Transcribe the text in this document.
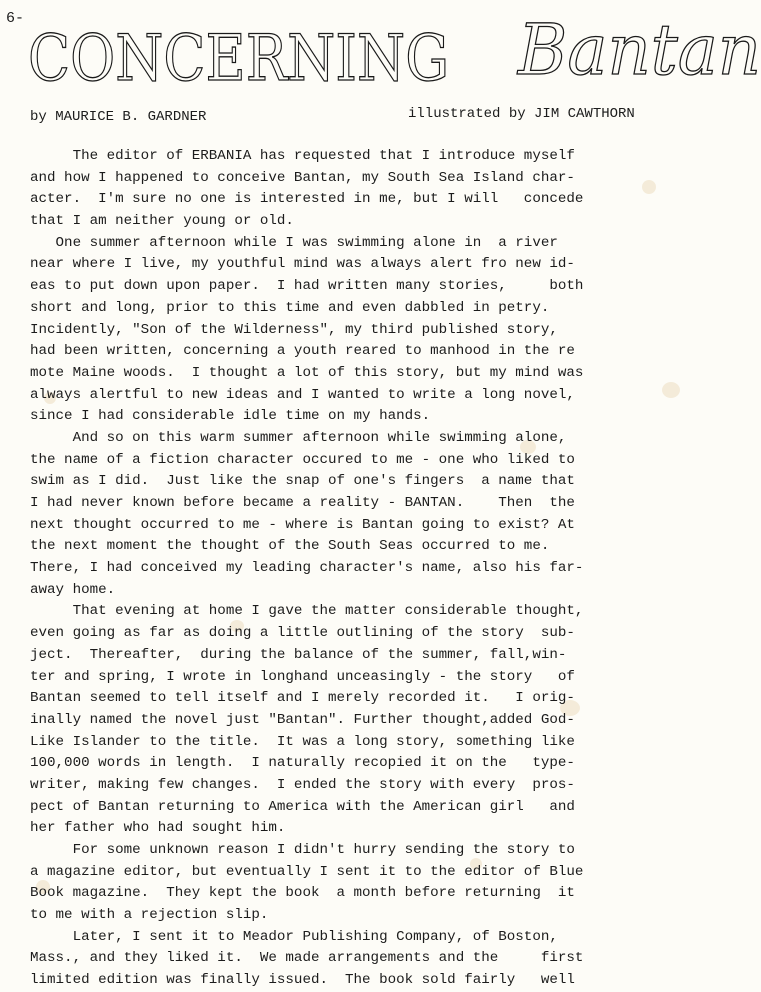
6-
CONCERNING Bantan
by MAURICE B. GARDNER	illustrated by JIM CAWTHORN
The editor of ERBANIA has requested that I introduce myself
and how I happened to conceive Bantan, my South Sea Island char-
acter.  I'm sure no one is interested in me, but I will   concede
that I am neither young or old.
One summer afternoon while I was swimming alone in  a river
near where I live, my youthful mind was always alert fro new id-
eas to put down upon paper.  I had written many stories,     both
short and long, prior to this time and even dabbled in petry.
Incidently, "Son of the Wilderness", my third published story,
had been written, concerning a youth reared to manhood in the re
mote Maine woods.  I thought a lot of this story, but my mind was
always alertful to new ideas and I wanted to write a long novel,
since I had considerable idle time on my hands.
And so on this warm summer afternoon while swimming alone,
the name of a fiction character occured to me - one who liked to
swim as I did.  Just like the snap of one's fingers  a name that
I had never known before became a reality - BANTAN.    Then  the
next thought occurred to me - where is Bantan going to exist? At
the next moment the thought of the South Seas occurred to me.
There, I had conceived my leading character's name, also his far-
away home.
That evening at home I gave the matter considerable thought,
even going as far as doing a little outlining of the story  sub-
ject.  Thereafter,  during the balance of the summer, fall,win-
ter and spring, I wrote in longhand unceasingly - the story   of
Bantan seemed to tell itself and I merely recorded it.   I orig-
inally named the novel just "Bantan". Further thought,added God-
Like Islander to the title.  It was a long story, something like
100,000 words in length.  I naturally recopied it on the   type-
writer, making few changes.  I ended the story with every  pros-
pect of Bantan returning to America with the American girl   and
her father who had sought him.
For some unknown reason I didn't hurry sending the story to
a magazine editor, but eventually I sent it to the editor of Blue
Book magazine.  They kept the book  a month before returning  it
to me with a rejection slip.
Later, I sent it to Meador Publishing Company, of Boston,
Mass., and they liked it.  We made arrangements and the     first
limited edition was finally issued.  The book sold fairly   well
